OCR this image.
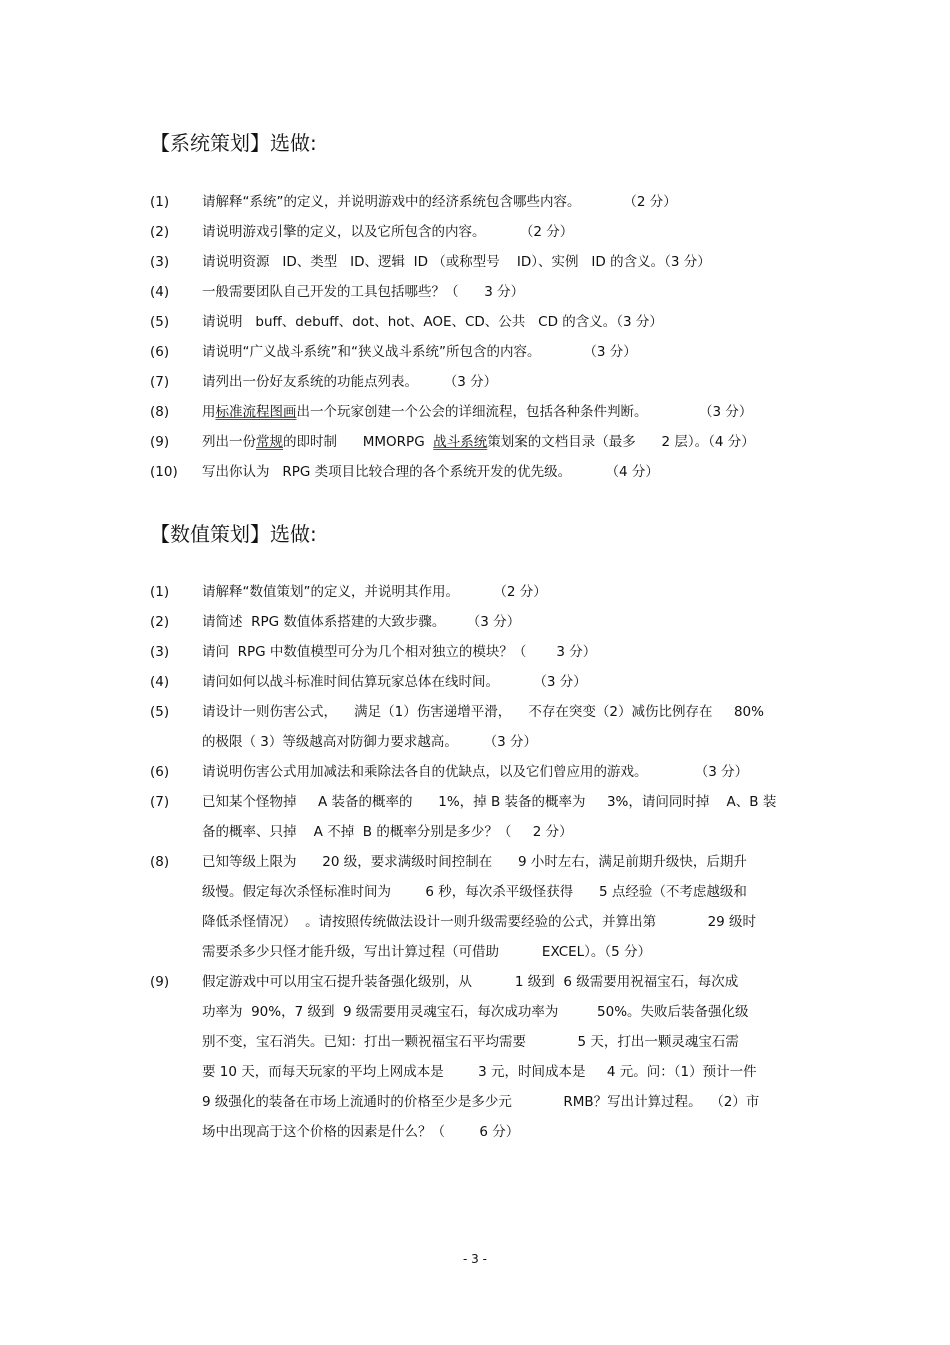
【系统策划】选做:
(1) 请解释“系统”的定义，并说明游戏中的经济系统包含哪些内容。          （2 分）
(2) 请说明游戏引擎的定义，以及它所包含的内容。        （2 分）
(3) 请说明资源   ID、类型   ID、逻辑  ID （或称型号    ID）、实例   ID 的含义。（3 分）
(4) 一般需要团队自己开发的工具包括哪些？（      3 分）
(5) 请说明   buff、debuff、dot、hot、AOE、CD、公共   CD 的含义。（3 分）
(6) 请说明“广义战斗系统”和“狭义战斗系统”所包含的内容。          （3 分）
(7) 请列出一份好友系统的功能点列表。      （3 分）
(8) 用标准流程图画出一个玩家创建一个公会的详细流程，包括各种条件判断。            （3 分）
(9) 列出一份常规的即时制      MMORPG  战斗系统策划案的文档目录（最多      2 层）。（4 分）
(10) 写出你认为   RPG 类项目比较合理的各个系统开发的优先级。        （4 分）
【数值策划】选做:
(1) 请解释“数值策划”的定义，并说明其作用。        （2 分）
(2) 请简述  RPG 数值体系搭建的大致步骤。     （3 分）
(3) 请问  RPG 中数值模型可分为几个相对独立的模块？（       3 分）
(4) 请问如何以战斗标准时间估算玩家总体在线时间。        （3 分）
(5) 请设计一则伤害公式，    满足（1）伤害递增平滑，    不存在突变（2）减伤比例存在     80%
的极限（ 3）等级越高对防御力要求越高。      （3 分）
(6) 请说明伤害公式用加减法和乘除法各自的优缺点，以及它们曾应用的游戏。           （3 分）
(7) 已知某个怪物掉     A 装备的概率的      1%，掉 B 装备的概率为     3%，请问同时掉    A、B 装
备的概率、只掉    A 不掉  B 的概率分别是多少？（     2 分）
(8) 已知等级上限为      20 级，要求满级时间控制在      9 小时左右，满足前期升级快，后期升
级慢。假定每次杀怪标准时间为        6 秒，每次杀平级怪获得      5 点经验（不考虑越级和
降低杀怪情况）  。请按照传统做法设计一则升级需要经验的公式，并算出第            29 级时
需要杀多少只怪才能升级，写出计算过程（可借助          EXCEL）。（5 分）
(9) 假定游戏中可以用宝石提升装备强化级别，从          1 级到  6 级需要用祝福宝石，每次成
功率为  90%，7 级到  9 级需要用灵魂宝石，每次成功率为         50%。失败后装备强化级
别不变，宝石消失。已知：打出一颗祝福宝石平均需要            5 天，打出一颗灵魂宝石需
要 10 天，而每天玩家的平均上网成本是        3 元，时间成本是     4 元。问：（1）预计一件
9 级强化的装备在市场上流通时的价格至少是多少元            RMB？写出计算过程。  （2）市
场中出现高于这个价格的因素是什么？（        6 分）
- 3 -
